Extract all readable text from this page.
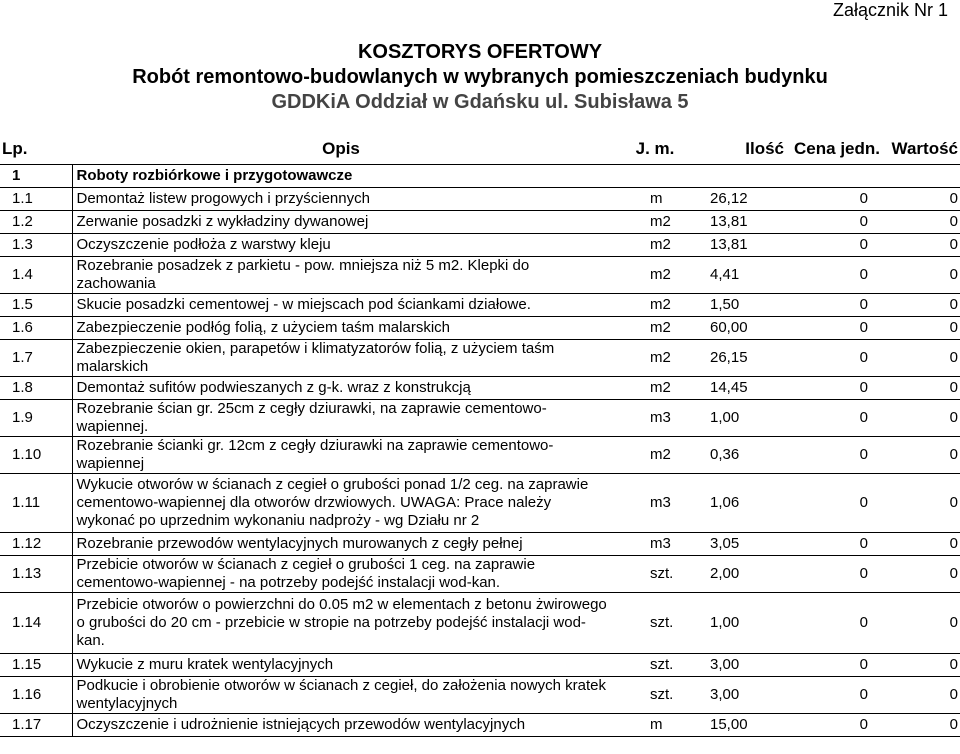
Załącznik Nr 1
KOSZTORYS OFERTOWY
Robót remontowo-budowlanych w wybranych pomieszczeniach budynku
GDDKiA Oddział w Gdańsku ul. Subisława 5
Lp.	Opis	J. m.	Ilość	Cena jedn.	Wartość
1	Roboty rozbiórkowe i przygotowawcze				
1.1	Demontaż listew progowych i przyściennych	m	26,12	0	0
1.2	Zerwanie posadzki z wykładziny dywanowej	m2	13,81	0	0
1.3	Oczyszczenie podłoża z warstwy kleju	m2	13,81	0	0
1.4	Rozebranie posadzek z parkietu - pow. mniejsza niż 5 m2. Klepki do zachowania	m2	4,41	0	0
1.5	Skucie posadzki cementowej - w miejscach pod ściankami działowe.	m2	1,50	0	0
1.6	Zabezpieczenie podłóg folią, z użyciem taśm malarskich	m2	60,00	0	0
1.7	Zabezpieczenie okien, parapetów i klimatyzatorów folią, z użyciem taśm malarskich	m2	26,15	0	0
1.8	Demontaż sufitów podwieszanych z g-k. wraz z konstrukcją	m2	14,45	0	0
1.9	Rozebranie ścian gr. 25cm z cegły dziurawki, na zaprawie cementowo-wapiennej.	m3	1,00	0	0
1.10	Rozebranie ścianki gr. 12cm z cegły dziurawki na zaprawie cementowo-wapiennej	m2	0,36	0	0
1.11	Wykucie otworów w ścianach z cegieł o grubości ponad 1/2 ceg. na zaprawie cementowo-wapiennej dla otworów drzwiowych. UWAGA: Prace należy wykonać po uprzednim wykonaniu nadproży - wg Działu nr 2	m3	1,06	0	0
1.12	Rozebranie przewodów wentylacyjnych murowanych z cegły pełnej	m3	3,05	0	0
1.13	Przebicie otworów w ścianach z cegieł o grubości 1 ceg. na zaprawie cementowo-wapiennej - na potrzeby podejść instalacji wod-kan.	szt.	2,00	0	0
1.14	Przebicie otworów o powierzchni do 0.05 m2 w elementach z betonu żwirowego o grubości do 20 cm - przebicie w stropie na potrzeby podejść instalacji wod-kan.	szt.	1,00	0	0
1.15	Wykucie z muru kratek wentylacyjnych	szt.	3,00	0	0
1.16	Podkucie i obrobienie otworów w ścianach z cegieł, do założenia nowych kratek wentylacyjnych	szt.	3,00	0	0
1.17	Oczyszczenie i udrożnienie istniejących przewodów wentylacyjnych	m	15,00	0	0
